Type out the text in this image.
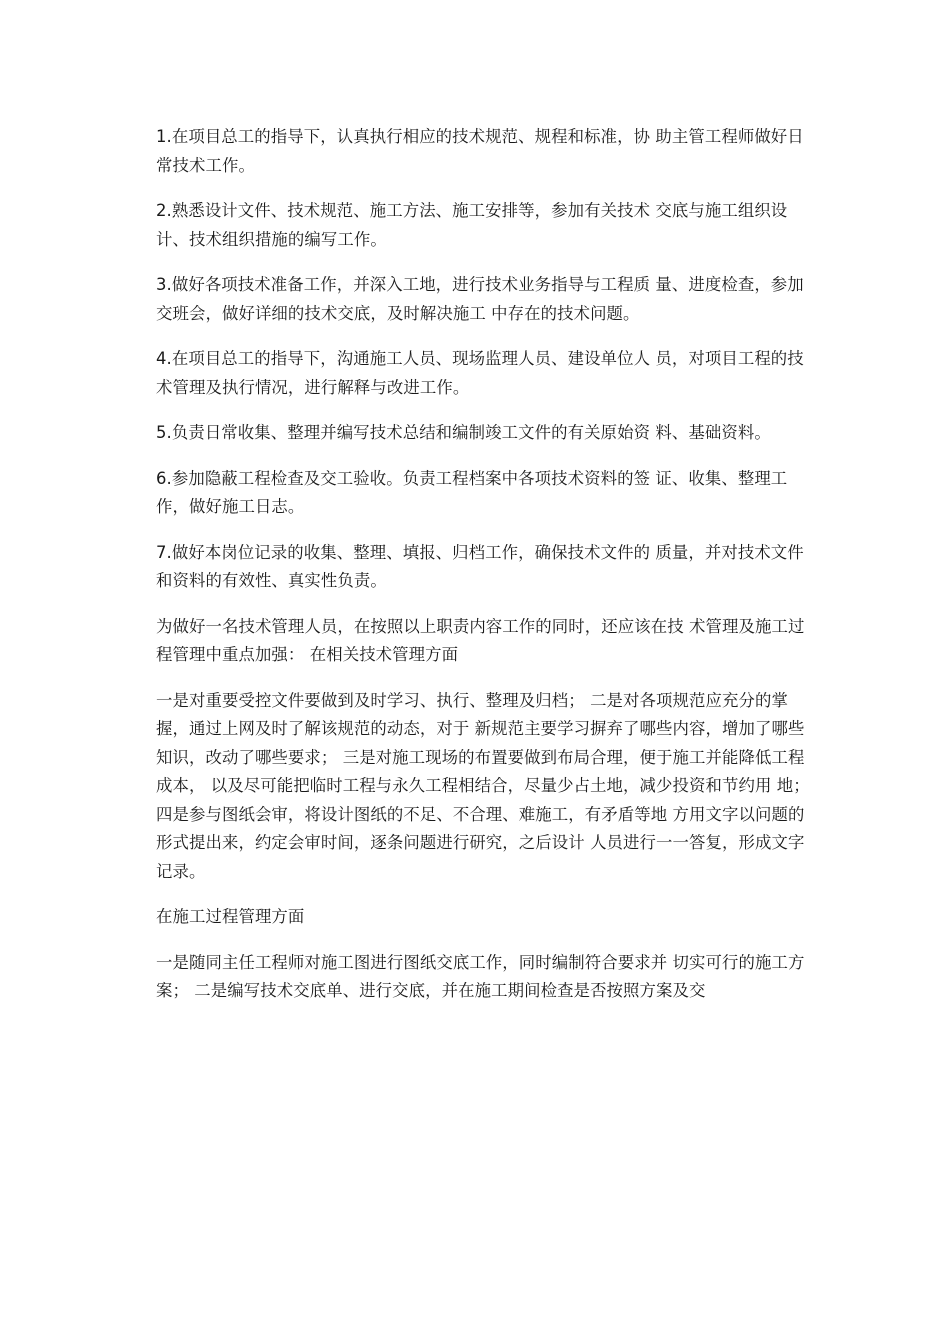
1.在项目总工的指导下，认真执行相应的技术规范、规程和标准，协 助主管工程师做好日常技术工作。

2.熟悉设计文件、技术规范、施工方法、施工安排等，参加有关技术 交底与施工组织设计、技术组织措施的编写工作。

3.做好各项技术准备工作，并深入工地，进行技术业务指导与工程质 量、进度检查，参加交班会，做好详细的技术交底，及时解决施工 中存在的技术问题。

4.在项目总工的指导下，沟通施工人员、现场监理人员、建设单位人 员，对项目工程的技术管理及执行情况，进行解释与改进工作。

5.负责日常收集、整理并编写技术总结和编制竣工文件的有关原始资 料、基础资料。

6.参加隐蔽工程检查及交工验收。负责工程档案中各项技术资料的签 证、收集、整理工作，做好施工日志。

7.做好本岗位记录的收集、整理、填报、归档工作，确保技术文件的 质量，并对技术文件和资料的有效性、真实性负责。

为做好一名技术管理人员，在按照以上职责内容工作的同时，还应该在技 术管理及施工过程管理中重点加强： 在相关技术管理方面

一是对重要受控文件要做到及时学习、执行、整理及归档； 二是对各项规范应充分的掌握，通过上网及时了解该规范的动态，对于 新规范主要学习摒弃了哪些内容，增加了哪些知识，改动了哪些要求； 三是对施工现场的布置要做到布局合理，便于施工并能降低工程成本， 以及尽可能把临时工程与永久工程相结合，尽量少占土地，减少投资和节约用 地； 四是参与图纸会审，将设计图纸的不足、不合理、难施工，有矛盾等地 方用文字以问题的形式提出来，约定会审时间，逐条问题进行研究，之后设计 人员进行一一答复，形成文字记录。

在施工过程管理方面

一是随同主任工程师对施工图进行图纸交底工作，同时编制符合要求并 切实可行的施工方案； 二是编写技术交底单、进行交底，并在施工期间检查是否按照方案及交
